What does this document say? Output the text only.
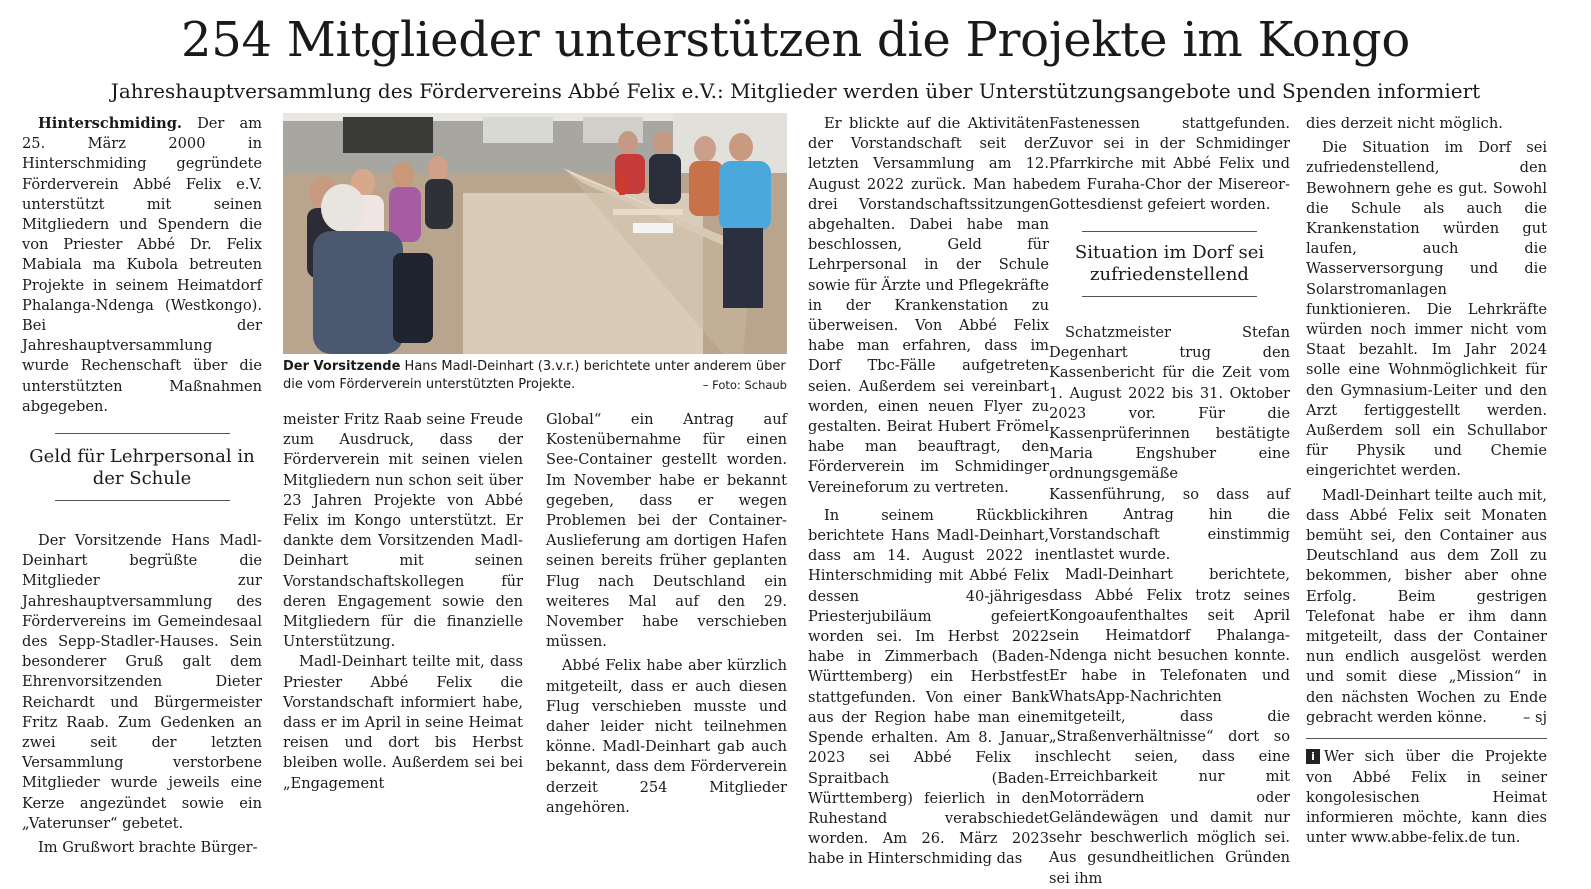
254 Mitglieder unterstützen die Projekte im Kongo
Jahreshauptversammlung des Fördervereins Abbé Felix e.V.: Mitglieder werden über Unterstützungsangebote und Spenden informiert

Hinterschmiding. Der am 25. März 2000 in Hinterschmiding gegründete Förderverein Abbé Felix e.V. unterstützt mit seinen Mitgliedern und Spendern die von Priester Abbé Dr. Felix Mabiala ma Kubola betreuten Projekte in seinem Heimatdorf Phalanga-Ndenga (Westkongo). Bei der Jahreshauptversammlung wurde Rechenschaft über die unterstützten Maßnahmen abgegeben.

Geld für Lehrpersonal in der Schule

Der Vorsitzende Hans Madl-Deinhart begrüßte die Mitglieder zur Jahreshauptversammlung des Fördervereins im Gemeindesaal des Sepp-Stadler-Hauses. Sein besonderer Gruß galt dem Ehrenvorsitzenden Dieter Reichardt und Bürgermeister Fritz Raab. Zum Gedenken an zwei seit der letzten Versammlung verstorbene Mitglieder wurde jeweils eine Kerze angezündet sowie ein „Vaterunser“ gebetet.

Im Grußwort brachte Bürger-

Der Vorsitzende Hans Madl-Deinhart (3.v.r.) berichtete unter anderem über die vom Förderverein unterstützten Projekte.	– Foto: Schaub

meister Fritz Raab seine Freude zum Ausdruck, dass der Förderverein mit seinen vielen Mitgliedern nun schon seit über 23 Jahren Projekte von Abbé Felix im Kongo unterstützt. Er dankte dem Vorsitzenden Madl-Deinhart mit seinen Vorstandschaftskollegen für deren Engagement sowie den Mitgliedern für die finanzielle Unterstützung.

Madl-Deinhart teilte mit, dass Priester Abbé Felix die Vorstandschaft informiert habe, dass er im April in seine Heimat reisen und dort bis Herbst bleiben wolle. Außerdem sei bei „Engagement

Global“ ein Antrag auf Kostenübernahme für einen See-Container gestellt worden. Im November habe er bekannt gegeben, dass er wegen Problemen bei der Container-Auslieferung am dortigen Hafen seinen bereits früher geplanten Flug nach Deutschland ein weiteres Mal auf den 29. November habe verschieben müssen.

Abbé Felix habe aber kürzlich mitgeteilt, dass er auch diesen Flug verschieben musste und daher leider nicht teilnehmen könne. Madl-Deinhart gab auch bekannt, dass dem Förderverein derzeit 254 Mitglieder angehören.

Er blickte auf die Aktivitäten der Vorstandschaft seit der letzten Versammlung am 12. August 2022 zurück. Man habe drei Vorstandschaftssitzungen abgehalten. Dabei habe man beschlossen, Geld für Lehrpersonal in der Schule sowie für Ärzte und Pflegekräfte in der Krankenstation zu überweisen. Von Abbé Felix habe man erfahren, dass im Dorf Tbc-Fälle aufgetreten seien. Außerdem sei vereinbart worden, einen neuen Flyer zu gestalten. Beirat Hubert Frömel habe man beauftragt, den Förderverein im Schmidinger Vereineforum zu vertreten.

In seinem Rückblick berichtete Hans Madl-Deinhart, dass am 14. August 2022 in Hinterschmiding mit Abbé Felix dessen 40-jähriges Priesterjubiläum gefeiert worden sei. Im Herbst 2022 habe in Zimmerbach (Baden-Württemberg) ein Herbstfest stattgefunden. Von einer Bank aus der Region habe man eine Spende erhalten. Am 8. Januar 2023 sei Abbé Felix in Spraitbach (Baden-Württemberg) feierlich in den Ruhestand verabschiedet worden. Am 26. März 2023 habe in Hinterschmiding das

Fastenessen stattgefunden. Zuvor sei in der Schmidinger Pfarrkirche mit Abbé Felix und dem Furaha-Chor der Misereor-Gottesdienst gefeiert worden.

Situation im Dorf sei zufriedenstellend

Schatzmeister Stefan Degenhart trug den Kassenbericht für die Zeit vom 1. August 2022 bis 31. Oktober 2023 vor. Für die Kassenprüferinnen bestätigte Maria Engshuber eine ordnungsgemäße Kassenführung, so dass auf ihren Antrag hin die Vorstandschaft einstimmig entlastet wurde.

Madl-Deinhart berichtete, dass Abbé Felix trotz seines Kongoaufenthaltes seit April sein Heimatdorf Phalanga-Ndenga nicht besuchen konnte. Er habe in Telefonaten und WhatsApp-Nachrichten mitgeteilt, dass die „Straßenverhältnisse“ dort so schlecht seien, dass eine Erreichbarkeit nur mit Motorrädern oder Geländewägen und damit nur sehr beschwerlich möglich sei. Aus gesundheitlichen Gründen sei ihm

dies derzeit nicht möglich.

Die Situation im Dorf sei zufriedenstellend, den Bewohnern gehe es gut. Sowohl die Schule als auch die Krankenstation würden gut laufen, auch die Wasserversorgung und die Solarstromanlagen funktionieren. Die Lehrkräfte würden noch immer nicht vom Staat bezahlt. Im Jahr 2024 solle eine Wohnmöglichkeit für den Gymnasium-Leiter und den Arzt fertiggestellt werden. Außerdem soll ein Schullabor für Physik und Chemie eingerichtet werden.

Madl-Deinhart teilte auch mit, dass Abbé Felix seit Monaten bemüht sei, den Container aus Deutschland aus dem Zoll zu bekommen, bisher aber ohne Erfolg. Beim gestrigen Telefonat habe er ihm dann mitgeteilt, dass der Container nun endlich ausgelöst werden und somit diese „Mission“ in den nächsten Wochen zu Ende gebracht werden könne.	– sj

i Wer sich über die Projekte von Abbé Felix in seiner kongolesischen Heimat informieren möchte, kann dies unter www.abbe-felix.de tun.
